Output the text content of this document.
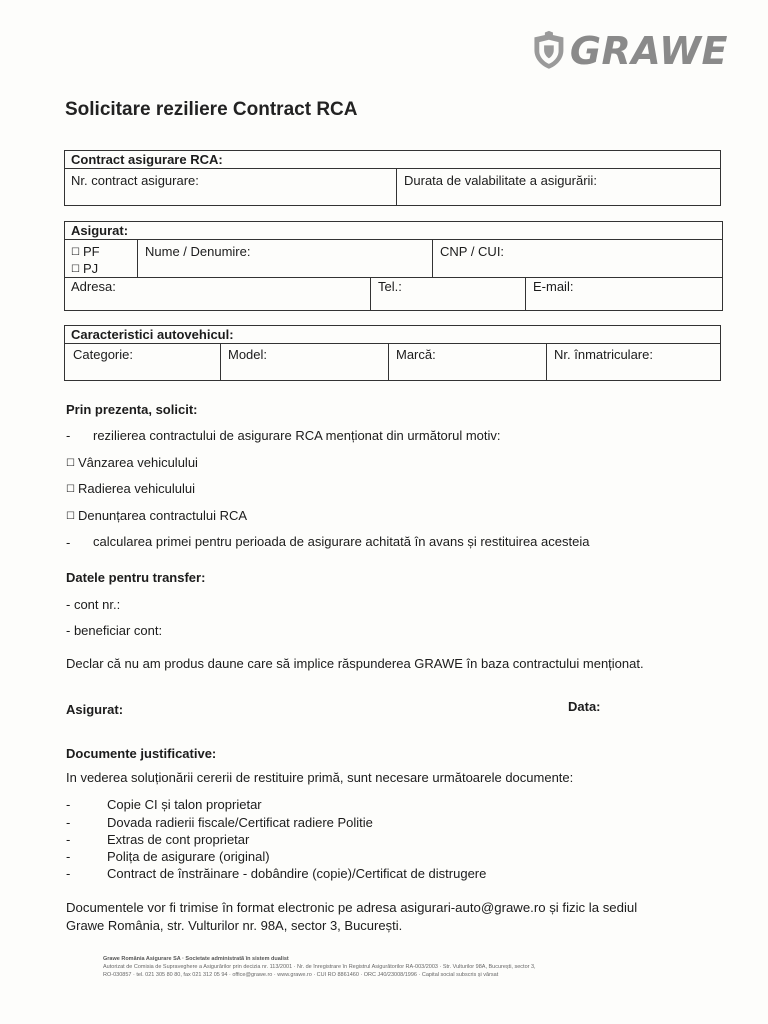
GRAWE
Solicitare reziliere Contract RCA
Contract asigurare RCA:
Nr. contract asigurare:	Durata de valabilitate a asigurării:
Asigurat:
☐ PF
☐ PJ
Nume / Denumire:	CNP / CUI:
Adresa:	Tel.:	E-mail:
Caracteristici autovehicul:
Categorie:	Model:	Marcă:	Nr. înmatriculare:
Prin prezenta, solicit:
- rezilierea contractului de asigurare RCA menționat din următorul motiv:
☐ Vânzarea vehiculului
☐ Radierea vehiculului
☐ Denunțarea contractului RCA
- calcularea primei pentru perioada de asigurare achitată în avans și restituirea acesteia
Datele pentru transfer:
- cont nr.:
- beneficiar cont:
Declar că nu am produs daune care să implice răspunderea GRAWE în baza contractului menționat.
Asigurat:	Data:
Documente justificative:
In vederea soluționării cererii de restituire primă, sunt necesare următoarele documente:
-	Copie CI și talon proprietar
-	Dovada radierii fiscale/Certificat radiere Politie
-	Extras de cont proprietar
-	Polița de asigurare (original)
-	Contract de înstrăinare - dobândire (copie)/Certificat de distrugere
Documentele vor fi trimise în format electronic pe adresa asigurari-auto@grawe.ro și fizic la sediul
Grawe România, str. Vulturilor nr. 98A, sector 3, București.
Grawe România Asigurare SA · Societate administrată în sistem dualist
Autorizat de Comisia de Supraveghere a Asigurărilor prin decizia nr. 113/2001 · Nr. de înregistrare în Registrul Asigurătorilor RA-003/2003 · Str. Vulturilor 98A, București, sector 3,
RO-030857 · tel. 021 305 80 80, fax 021 312 05 94 · office@grawe.ro · www.grawe.ro · CUI RO 8861460 · ORC J40/23008/1996 · Capital social subscris și vărsat
